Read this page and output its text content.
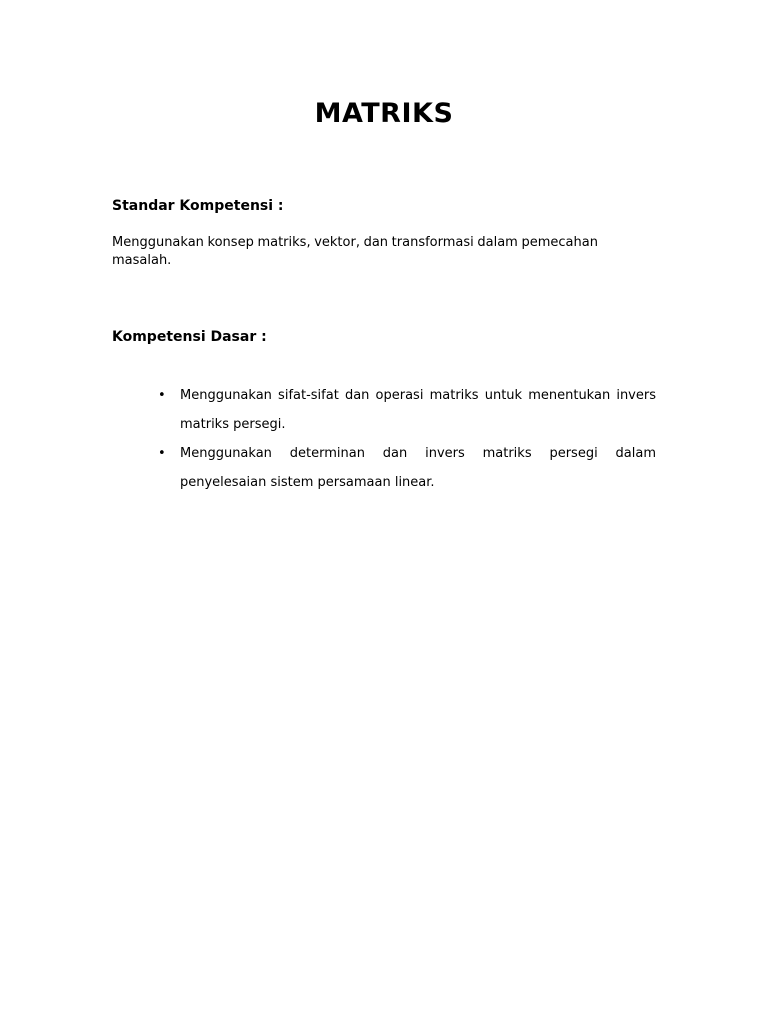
MATRIKS
Standar Kompetensi :

Menggunakan konsep matriks, vektor, dan transformasi dalam pemecahan masalah.

Kompetensi Dasar :
•	Menggunakan sifat-sifat dan operasi matriks untuk menentukan invers matriks persegi.
•	Menggunakan determinan dan invers matriks persegi dalam penyelesaian sistem persamaan linear.
